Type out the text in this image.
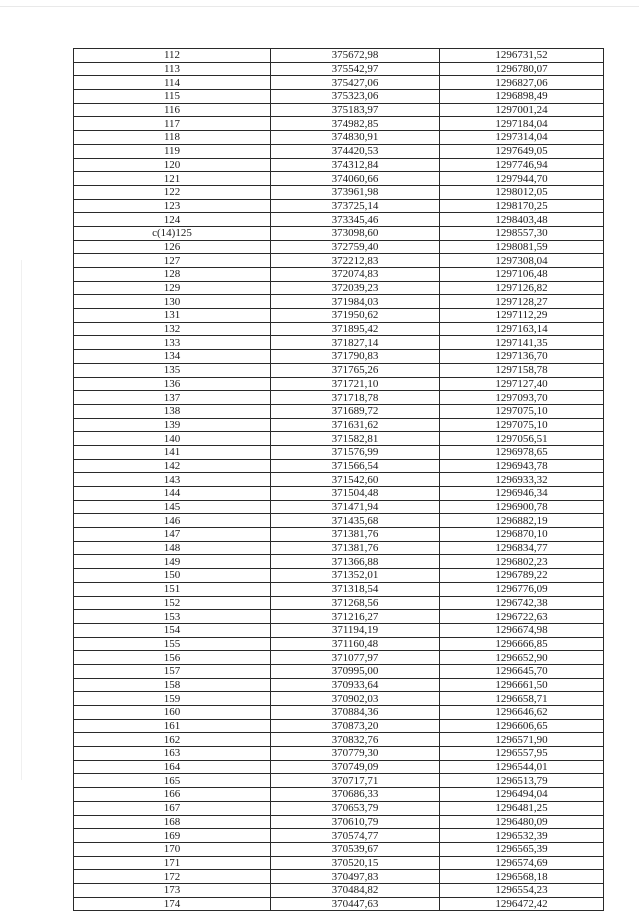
112	375672,98	1296731,52
113	375542,97	1296780,07
114	375427,06	1296827,06
115	375323,06	1296898,49
116	375183,97	1297001,24
117	374982,85	1297184,04
118	374830,91	1297314,04
119	374420,53	1297649,05
120	374312,84	1297746,94
121	374060,66	1297944,70
122	373961,98	1298012,05
123	373725,14	1298170,25
124	373345,46	1298403,48
с(14)125	373098,60	1298557,30
126	372759,40	1298081,59
127	372212,83	1297308,04
128	372074,83	1297106,48
129	372039,23	1297126,82
130	371984,03	1297128,27
131	371950,62	1297112,29
132	371895,42	1297163,14
133	371827,14	1297141,35
134	371790,83	1297136,70
135	371765,26	1297158,78
136	371721,10	1297127,40
137	371718,78	1297093,70
138	371689,72	1297075,10
139	371631,62	1297075,10
140	371582,81	1297056,51
141	371576,99	1296978,65
142	371566,54	1296943,78
143	371542,60	1296933,32
144	371504,48	1296946,34
145	371471,94	1296900,78
146	371435,68	1296882,19
147	371381,76	1296870,10
148	371381,76	1296834,77
149	371366,88	1296802,23
150	371352,01	1296789,22
151	371318,54	1296776,09
152	371268,56	1296742,38
153	371216,27	1296722,63
154	371194,19	1296674,98
155	371160,48	1296666,85
156	371077,97	1296652,90
157	370995,00	1296645,70
158	370933,64	1296661,50
159	370902,03	1296658,71
160	370884,36	1296646,62
161	370873,20	1296606,65
162	370832,76	1296571,90
163	370779,30	1296557,95
164	370749,09	1296544,01
165	370717,71	1296513,79
166	370686,33	1296494,04
167	370653,79	1296481,25
168	370610,79	1296480,09
169	370574,77	1296532,39
170	370539,67	1296565,39
171	370520,15	1296574,69
172	370497,83	1296568,18
173	370484,82	1296554,23
174	370447,63	1296472,42
